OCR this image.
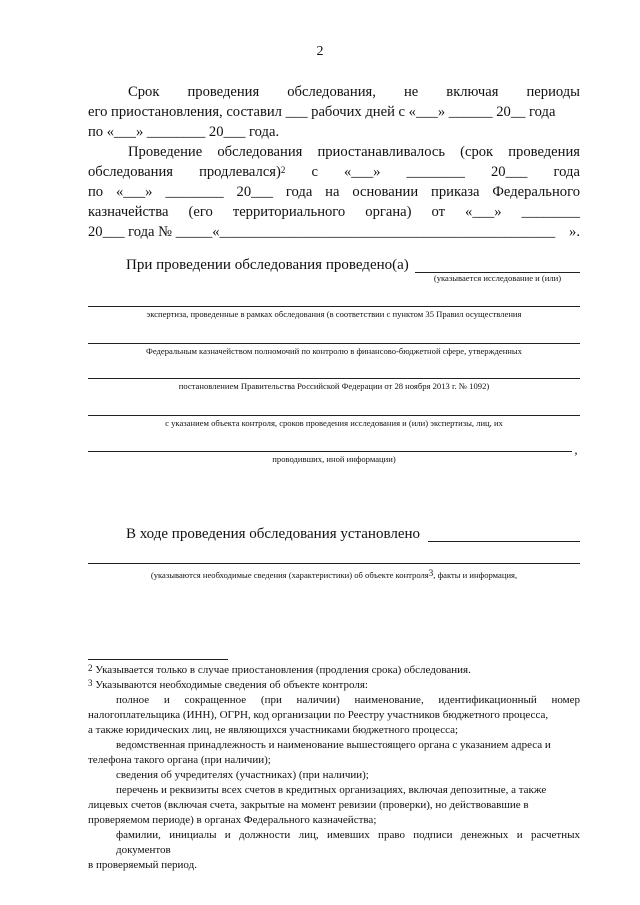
2
Срок проведения обследования, не включая периоды
его приостановления, составил ___ рабочих дней с «___» ______ 20__ года
по «___» ________ 20___ года.
Проведение обследования приостанавливалось (срок проведения
обследования продлевался)$^2$ с «___» ________ 20___ года
по «___» ________ 20___ года на основании приказа Федерального
казначейства (его территориального органа) от «___» ________
20___ года № _____«______________________________________________ ».
При проведении обследования проведено(а)
(указывается исследование и (или)
экспертиза, проведенные в рамках обследования (в соответствии с пунктом 35 Правил осуществления
Федеральным казначейством полномочий по контролю в финансово-бюджетной сфере, утвержденных
постановлением Правительства Российской Федерации от 28 ноября 2013 г. № 1092)
с указанием объекта контроля, сроков проведения исследования и (или) экспертизы, лиц, их
,
проводивших, иной информации)
В ходе проведения обследования установлено
(указываются необходимые сведения (характеристики) об объекте контроля$^3$, факты и информация,
$^2$ Указывается только в случае приостановления (продления срока) обследования.
$^3$ Указываются необходимые сведения об объекте контроля:
полное и сокращенное (при наличии) наименование, идентификационный номер
налогоплательщика (ИНН), ОГРН, код организации по Реестру участников бюджетного процесса,
а также юридических лиц, не являющихся участниками бюджетного процесса;
ведомственная принадлежность и наименование вышестоящего органа с указанием адреса и
телефона такого органа (при наличии);
сведения об учредителях (участниках) (при наличии);
перечень и реквизиты всех счетов в кредитных организациях, включая депозитные, а также
лицевых счетов (включая счета, закрытые на момент ревизии (проверки), но действовавшие в
проверяемом периоде) в органах Федерального казначейства;
фамилии, инициалы и должности лиц, имевших право подписи денежных и расчетных документов
в проверяемый период.
